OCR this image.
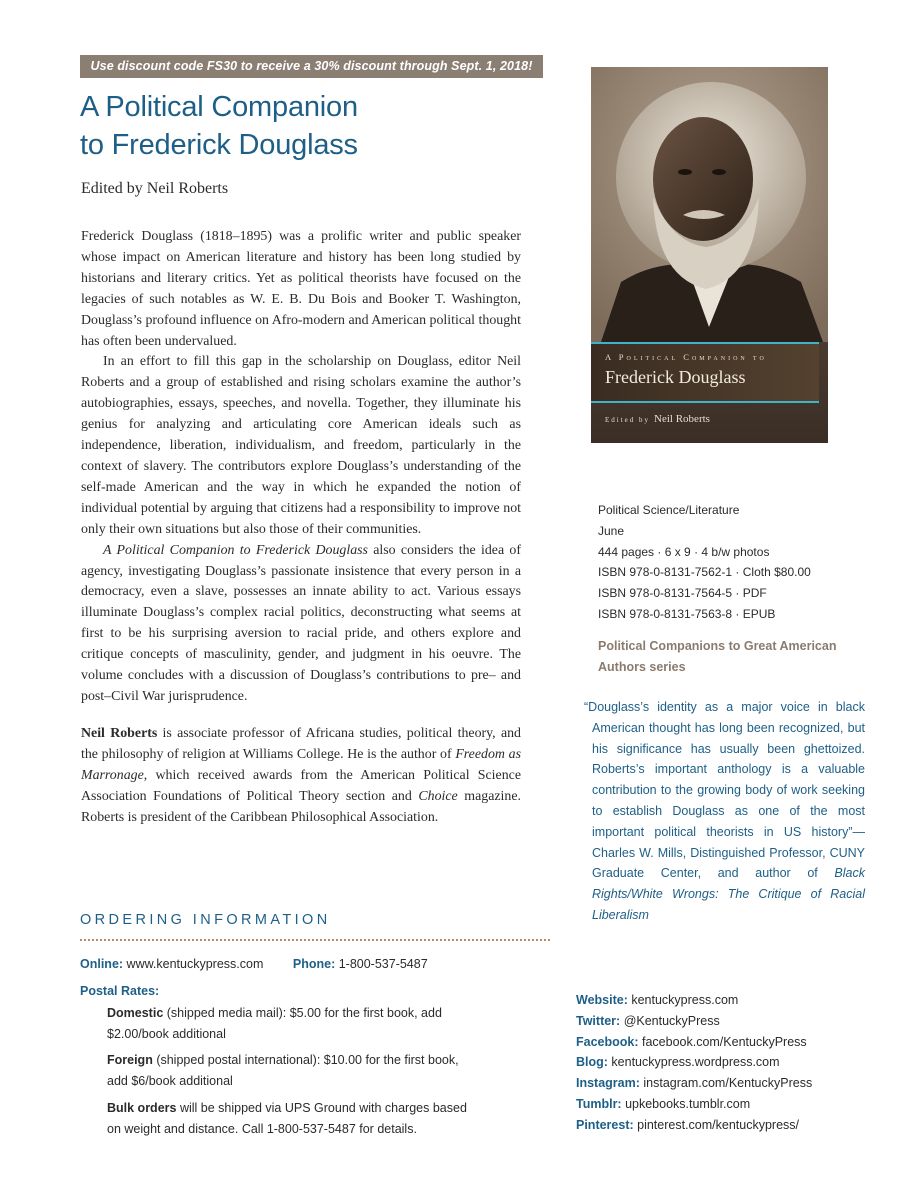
Use discount code FS30 to receive a 30% discount through Sept. 1, 2018!
A Political Companion
to Frederick Douglass
Edited by Neil Roberts

Frederick Douglass (1818–1895) was a prolific writer and public speaker whose impact on American literature and history has been long studied by historians and literary critics. Yet as political theorists have focused on the legacies of such notables as W. E. B. Du Bois and Booker T. Washington, Douglass’s profound influence on Afro-modern and American political thought has often been undervalued.

In an effort to fill this gap in the scholarship on Douglass, editor Neil Roberts and a group of established and rising scholars examine the author’s autobiographies, essays, speeches, and novella. Together, they illuminate his genius for analyzing and articulating core American ideals such as independence, liberation, individualism, and freedom, particularly in the context of slavery. The contributors explore Douglass’s understanding of the self-made American and the way in which he expanded the notion of individual potential by arguing that citizens had a responsibility to improve not only their own situations but also those of their communities.

A Political Companion to Frederick Douglass also considers the idea of agency, investigating Douglass’s passionate insistence that every person in a democracy, even a slave, possesses an innate ability to act. Various essays illuminate Douglass’s complex racial politics, deconstructing what seems at first to be his surprising aversion to racial pride, and others explore and critique concepts of masculinity, gender, and judgment in his oeuvre. The volume concludes with a discussion of Douglass’s contributions to pre– and post–Civil War jurisprudence.

Neil Roberts is associate professor of Africana studies, political theory, and the philosophy of religion at Williams College. He is the author of Freedom as Marronage, which received awards from the American Political Science Association Foundations of Political Theory section and Choice magazine. Roberts is president of the Caribbean Philosophical Association.

A Political Companion to
Frederick Douglass
Edited by Neil Roberts
Political Science/Literature
June
444 pages · 6 x 9 · 4 b/w photos
ISBN 978-0-8131-7562-1 · Cloth $80.00
ISBN 978-0-8131-7564-5 · PDF
ISBN 978-0-8131-7563-8 · EPUB
Political Companions to Great American Authors series
“Douglass’s identity as a major voice in black American thought has long been recognized, but his significance has usually been ghettoized. Roberts’s important anthology is a valuable contribution to the growing body of work seeking to establish Douglass as one of the most important political theorists in US history”—Charles W. Mills, Distinguished Professor, CUNY Graduate Center, and author of Black Rights/White Wrongs: The Critique of Racial Liberalism
ORDERING INFORMATION
Online: www.kentuckypress.com Phone: 1-800-537-5487
Postal Rates:
Domestic (shipped media mail): $5.00 for the first book, add $2.00/book additional
Foreign (shipped postal international): $10.00 for the first book, add $6/book additional
Bulk orders will be shipped via UPS Ground with charges based on weight and distance. Call 1-800-537-5487 for details.
Website: kentuckypress.com
Twitter: @KentuckyPress
Facebook: facebook.com/KentuckyPress
Blog: kentuckypress.wordpress.com
Instagram: instagram.com/KentuckyPress
Tumblr: upkebooks.tumblr.com
Pinterest: pinterest.com/kentuckypress/
